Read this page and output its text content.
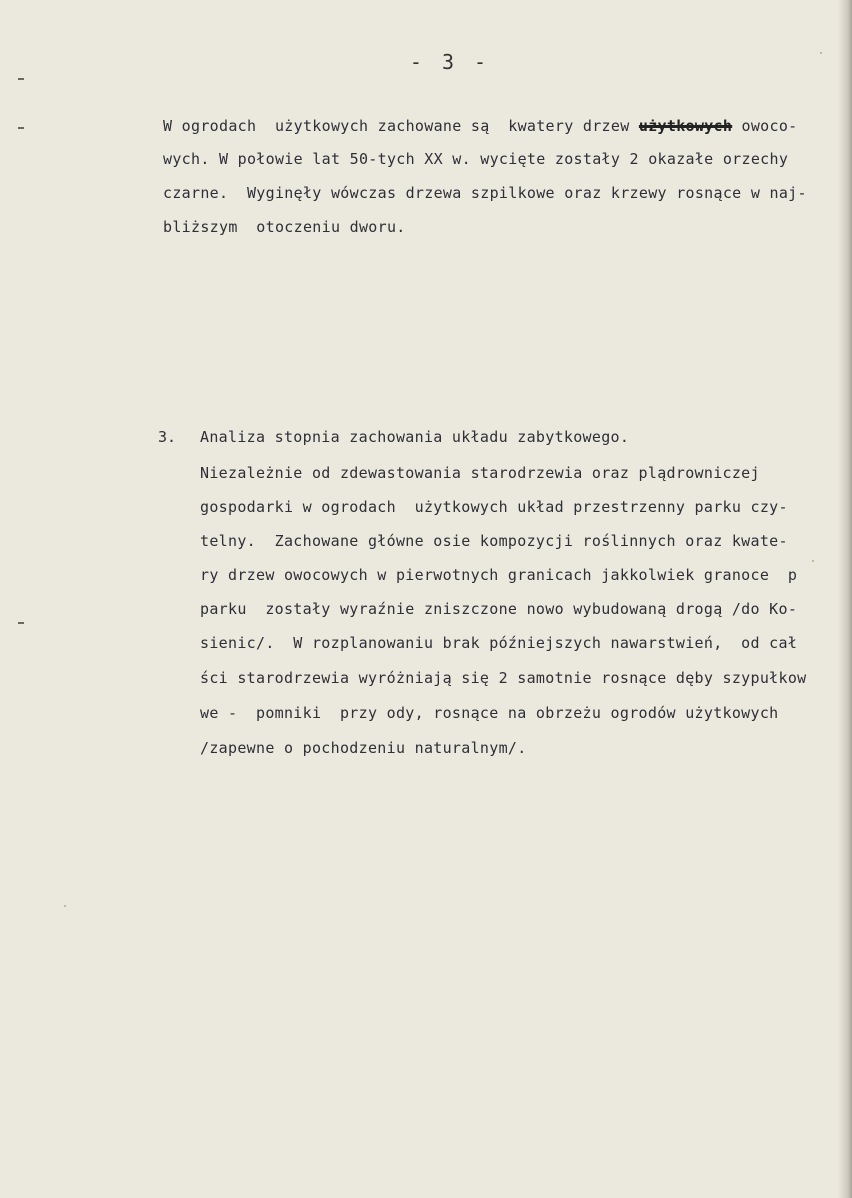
- 3 -
W ogrodach  użytkowych zachowane są  kwatery drzew użytkowych owoco-
wych. W połowie lat 50-tych XX w. wycięte zostały 2 okazałe orzechy
czarne.  Wyginęły wówczas drzewa szpilkowe oraz krzewy rosnące w naj-
bliższym  otoczeniu dworu.
3. Analiza stopnia zachowania układu zabytkowego.
Niezależnie od zdewastowania starodrzewia oraz plądrowniczej
gospodarki w ogrodach  użytkowych układ przestrzenny parku czy-
telny.  Zachowane główne osie kompozycji roślinnych oraz kwate-
ry drzew owocowych w pierwotnych granicach jakkolwiek granoce  p
parku  zostały wyraźnie zniszczone nowo wybudowaną drogą /do Ko-
sienic/.  W rozplanowaniu brak późniejszych nawarstwień,  od cał
ści starodrzewia wyróżniają się 2 samotnie rosnące dęby szypułkow
we -  pomniki  przy ody, rosnące na obrzeżu ogrodów użytkowych
/zapewne o pochodzeniu naturalnym/.
